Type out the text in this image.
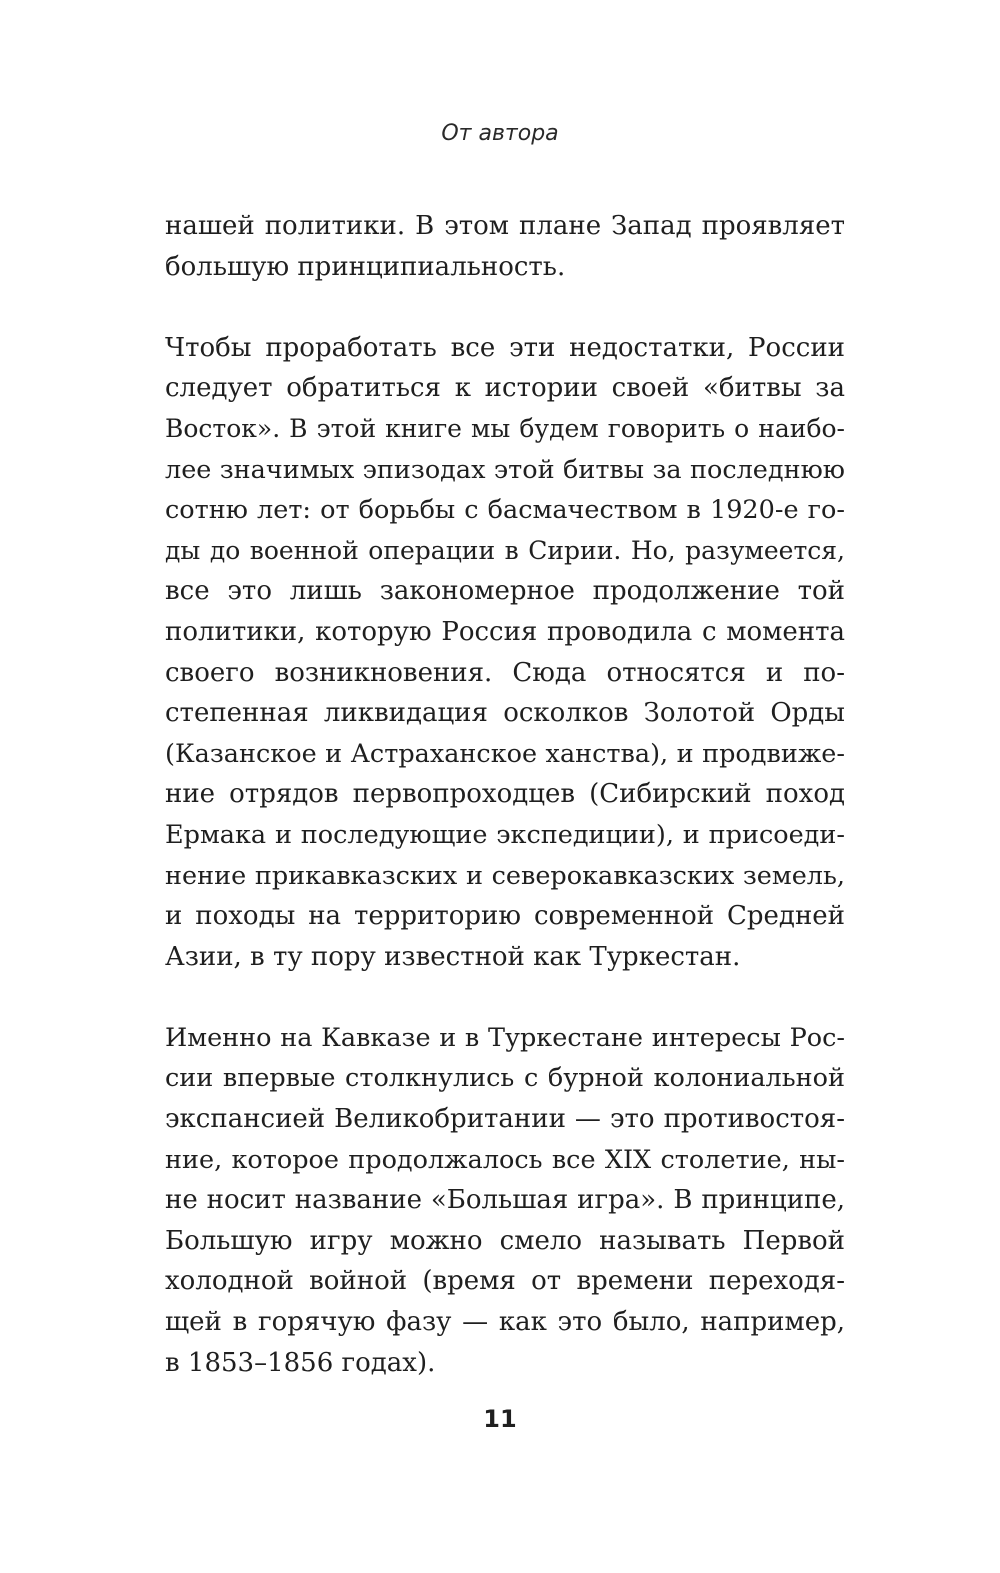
От автора
нашей политики. В этом плане Запад проявляет
большую принципиальность.
Чтобы проработать все эти недостатки, России
следует обратиться к истории своей «битвы за
Восток». В этой книге мы будем говорить о наибо-
лее значимых эпизодах этой битвы за последнюю
сотню лет: от борьбы с басмачеством в 1920-е го-
ды до военной операции в Сирии. Но, разумеется,
все это лишь закономерное продолжение той
политики, которую Россия проводила с момента
своего возникновения. Сюда относятся и по-
степенная ликвидация осколков Золотой Орды
(Казанское и Астраханское ханства), и продвиже-
ние отрядов первопроходцев (Сибирский поход
Ермака и последующие экспедиции), и присоеди-
нение прикавказских и северокавказских земель,
и походы на территорию современной Средней
Азии, в ту пору известной как Туркестан.
Именно на Кавказе и в Туркестане интересы Рос-
сии впервые столкнулись с бурной колониальной
экспансией Великобритании — это противостоя-
ние, которое продолжалось все XIX столетие, ны-
не носит название «Большая игра». В принципе,
Большую игру можно смело называть Первой
холодной войной (время от времени переходя-
щей в горячую фазу — как это было, например,
в 1853–1856 годах).
11
